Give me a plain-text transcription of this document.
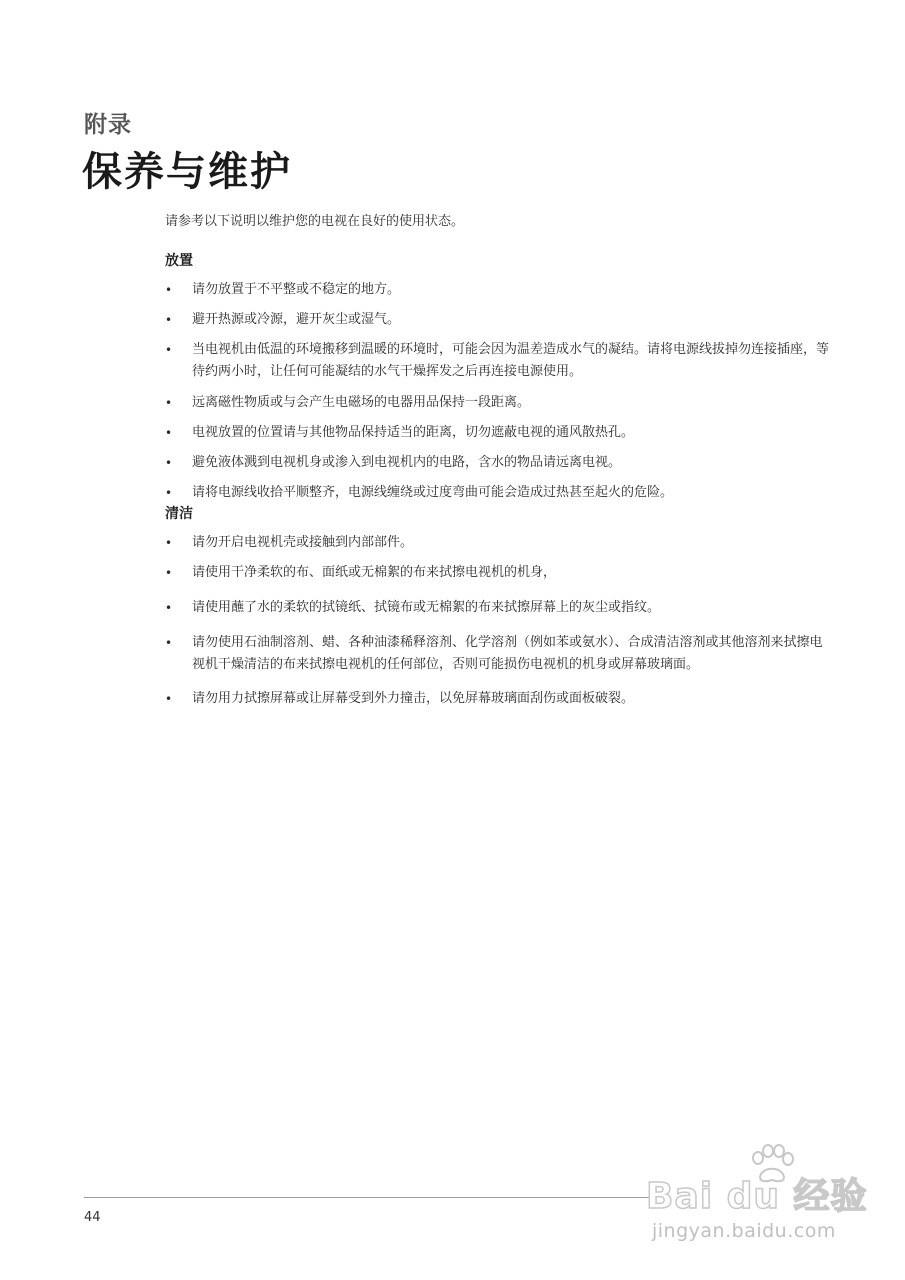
附录
保养与维护

请参考以下说明以维护您的电视在良好的使用状态。

放置
• 请勿放置于不平整或不稳定的地方。
• 避开热源或冷源，避开灰尘或湿气。
• 当电视机由低温的环境搬移到温暖的环境时，可能会因为温差造成水气的凝结。请将电源线拔掉勿连接插座，等待约两小时，让任何可能凝结的水气干燥挥发之后再连接电源使用。
• 远离磁性物质或与会产生电磁场的电器用品保持一段距离。
• 电视放置的位置请与其他物品保持适当的距离，切勿遮蔽电视的通风散热孔。
• 避免液体溅到电视机身或渗入到电视机内的电路，含水的物品请远离电视。
• 请将电源线收拾平顺整齐，电源线缠绕或过度弯曲可能会造成过热甚至起火的危险。
清洁
• 请勿开启电视机壳或接触到内部部件。
• 请使用干净柔软的布、面纸或无棉絮的布来拭擦电视机的机身，
• 请使用蘸了水的柔软的拭镜纸、拭镜布或无棉絮的布来拭擦屏幕上的灰尘或指纹。
• 请勿使用石油制溶剂、蜡、各种油漆稀释溶剂、化学溶剂（例如苯或氨水）、合成清洁溶剂或其他溶剂来拭擦电视机干燥清洁的布来拭擦电视机的任何部位，否则可能损伤电视机的机身或屏幕玻璃面。
• 请勿用力拭擦屏幕或让屏幕受到外力撞击，以免屏幕玻璃面刮伤或面板破裂。

44

Bai du 经验
jingyan.baidu.com
